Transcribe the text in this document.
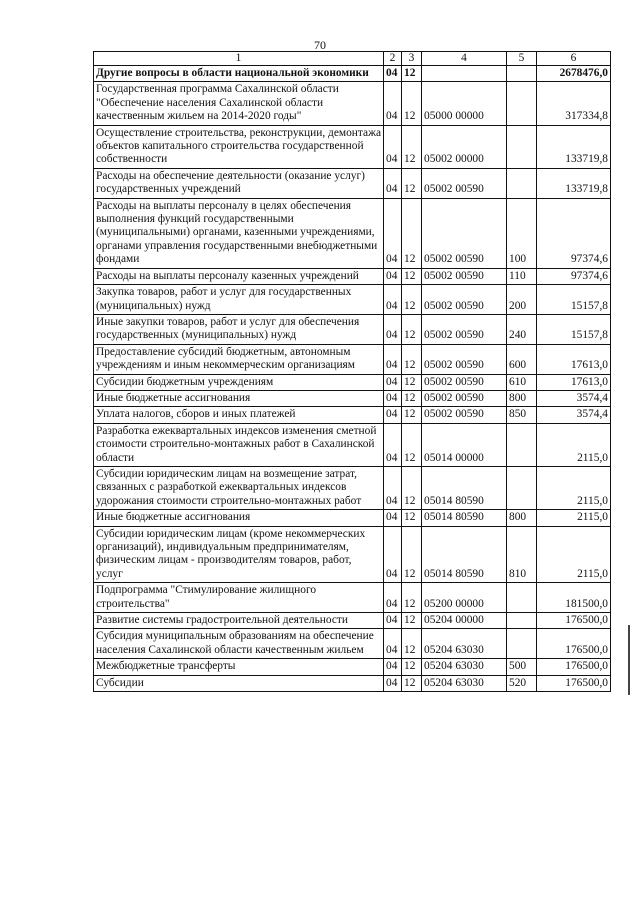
70
1	2	3	4	5	6
Другие вопросы в области национальной экономики	04	12			2678476,0
Государственная программа Сахалинской области "Обеспечение населения Сахалинской области качественным жильем на 2014-2020 годы"	04	12	05000 00000		317334,8
Осуществление строительства, реконструкции, демонтажа объектов капитального строительства государственной собственности	04	12	05002 00000		133719,8
Расходы на обеспечение деятельности (оказание услуг) государственных учреждений	04	12	05002 00590		133719,8
Расходы на выплаты персоналу в целях обеспечения выполнения функций государственными (муниципальными) органами, казенными учреждениями, органами управления государственными внебюджетными фондами	04	12	05002 00590	100	97374,6
Расходы на выплаты персоналу казенных учреждений	04	12	05002 00590	110	97374,6
Закупка товаров, работ и услуг для государственных (муниципальных) нужд	04	12	05002 00590	200	15157,8
Иные закупки товаров, работ и услуг для обеспечения государственных (муниципальных) нужд	04	12	05002 00590	240	15157,8
Предоставление субсидий бюджетным, автономным учреждениям и иным некоммерческим организациям	04	12	05002 00590	600	17613,0
Субсидии бюджетным учреждениям	04	12	05002 00590	610	17613,0
Иные бюджетные ассигнования	04	12	05002 00590	800	3574,4
Уплата налогов, сборов и иных платежей	04	12	05002 00590	850	3574,4
Разработка ежеквартальных индексов изменения сметной стоимости строительно-монтажных работ в Сахалинской области	04	12	05014 00000		2115,0
Субсидии юридическим лицам на возмещение затрат, связанных с разработкой ежеквартальных индексов удорожания стоимости строительно-монтажных работ	04	12	05014 80590		2115,0
Иные бюджетные ассигнования	04	12	05014 80590	800	2115,0
Субсидии юридическим лицам (кроме некоммерческих организаций), индивидуальным предпринимателям, физическим лицам - производителям товаров, работ, услуг	04	12	05014 80590	810	2115,0
Подпрограмма "Стимулирование жилищного строительства"	04	12	05200 00000		181500,0
Развитие системы градостроительной деятельности	04	12	05204 00000		176500,0
Субсидия муниципальным образованиям на обеспечение населения Сахалинской области качественным жильем	04	12	05204 63030		176500,0
Межбюджетные трансферты	04	12	05204 63030	500	176500,0
Субсидии	04	12	05204 63030	520	176500,0
